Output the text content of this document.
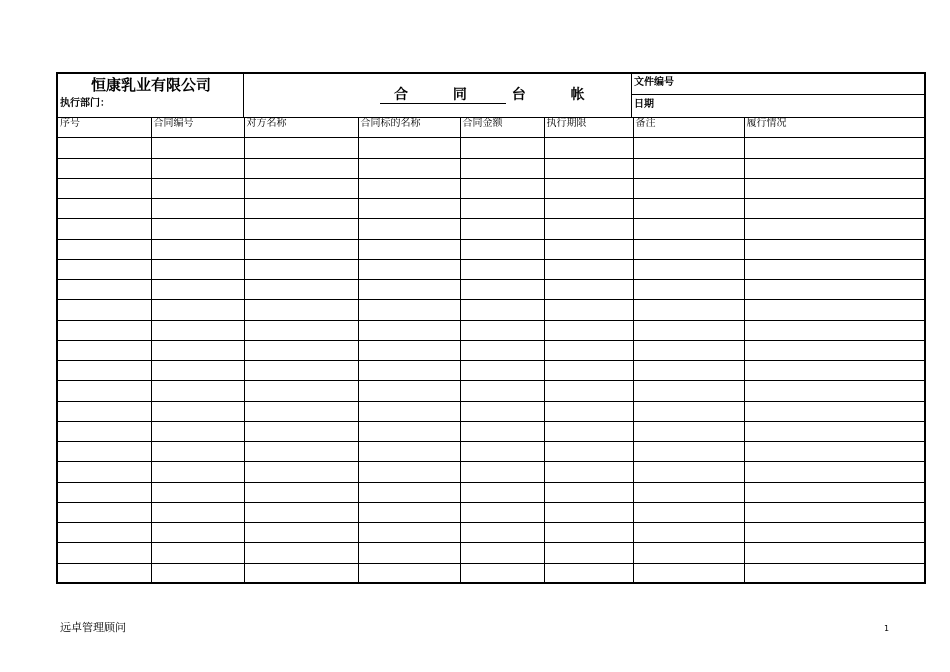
恒康乳业有限公司
执行部门：
合 同 台 帐
文件编号
日期
序号	合同编号	对方名称	合同标的名称	合同金额	执行期限	备注	履行情况

远卓管理顾问	1
